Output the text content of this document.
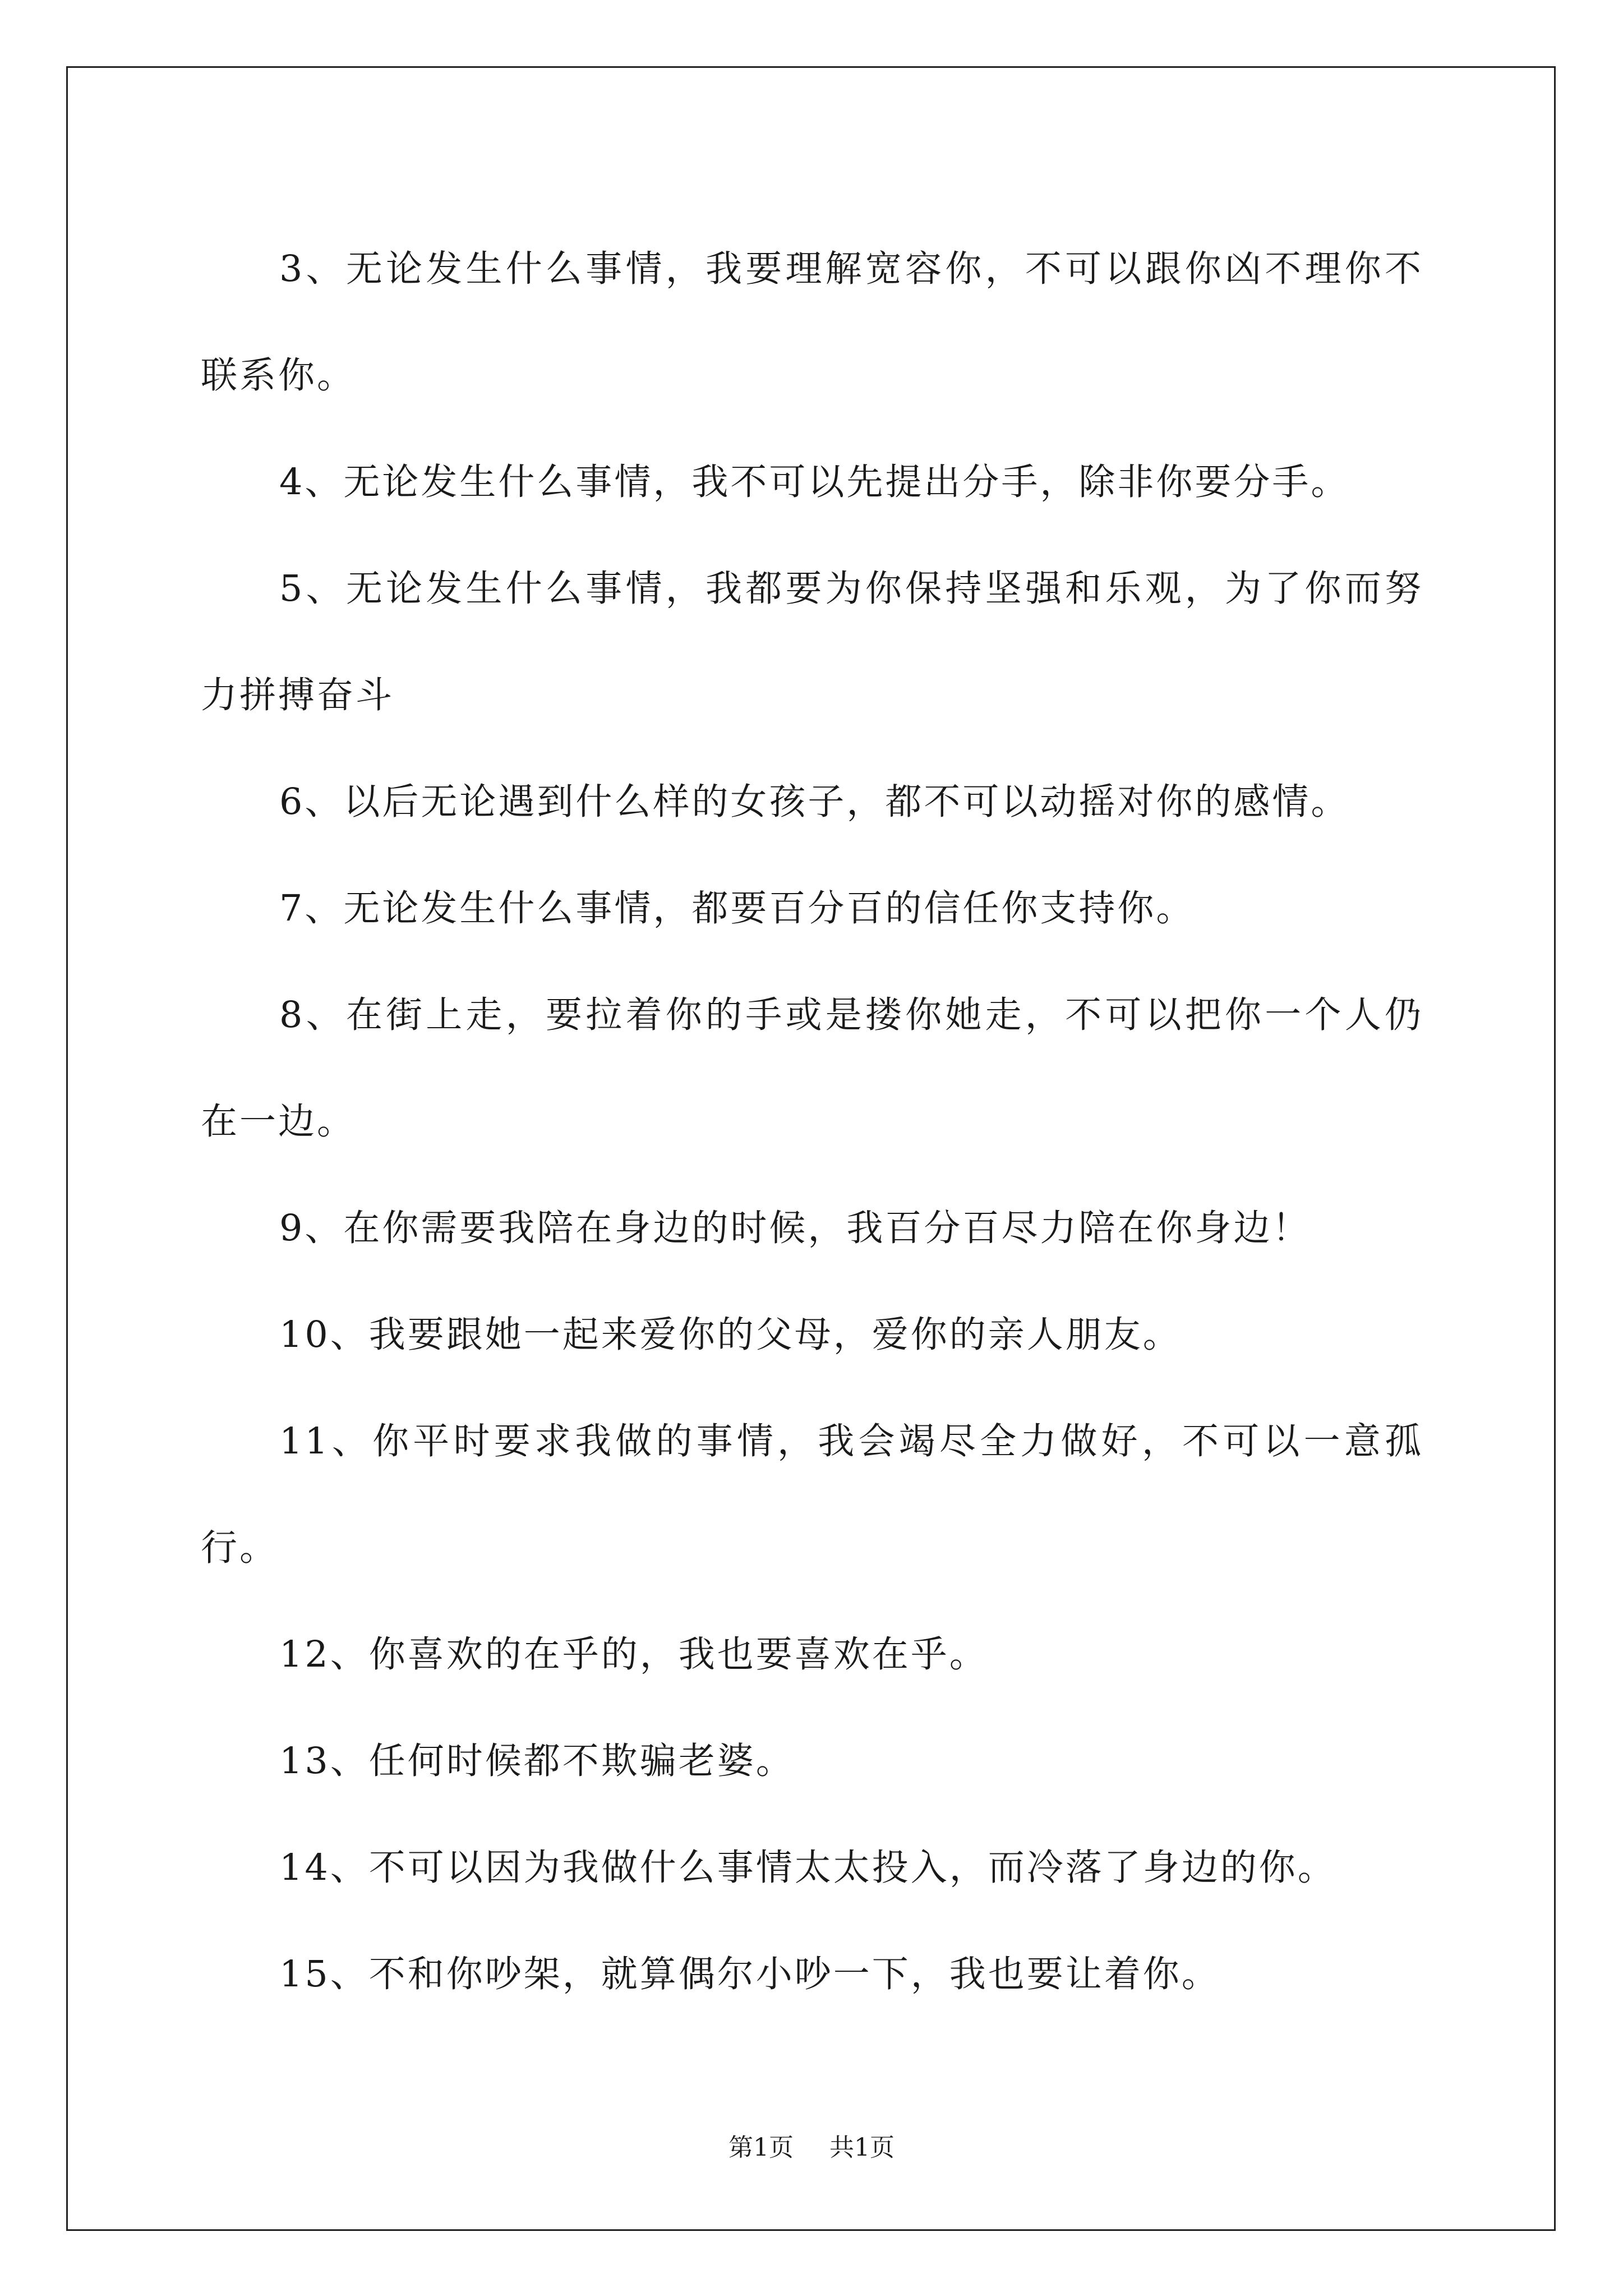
3、无论发生什么事情，我要理解宽容你，不可以跟你凶不理你不联系你。

4、无论发生什么事情，我不可以先提出分手，除非你要分手。

5、无论发生什么事情，我都要为你保持坚强和乐观，为了你而努力拼搏奋斗

6、以后无论遇到什么样的女孩子，都不可以动摇对你的感情。

7、无论发生什么事情，都要百分百的信任你支持你。

8、在街上走，要拉着你的手或是搂你她走，不可以把你一个人仍在一边。

9、在你需要我陪在身边的时候，我百分百尽力陪在你身边！

10、我要跟她一起来爱你的父母，爱你的亲人朋友。

11、你平时要求我做的事情，我会竭尽全力做好，不可以一意孤行。

12、你喜欢的在乎的，我也要喜欢在乎。

13、任何时候都不欺骗老婆。

14、不可以因为我做什么事情太太投入，而冷落了身边的你。

15、不和你吵架，就算偶尔小吵一下，我也要让着你。

第1页 共1页
